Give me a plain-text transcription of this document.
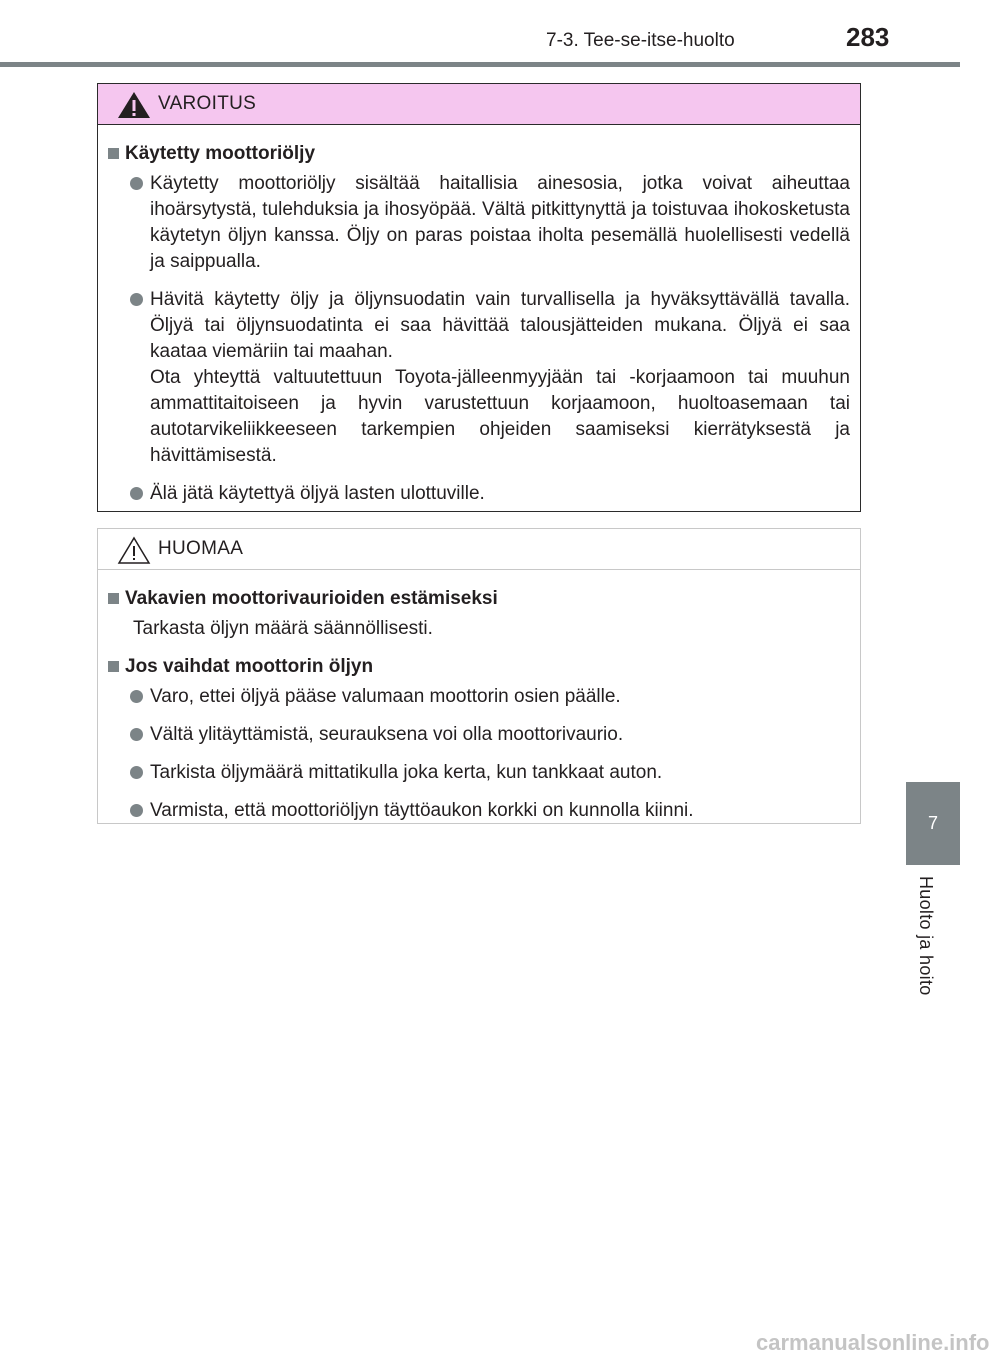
7-3. Tee-se-itse-huolto	283
VAROITUS
Käytetty moottoriöljy
Käytetty moottoriöljy sisältää haitallisia ainesosia, jotka voivat aiheuttaa ihoärsytystä, tulehduksia ja ihosyöpää. Vältä pitkittynyttä ja toistuvaa ihokosketusta käytetyn öljyn kanssa. Öljy on paras poistaa iholta pesemällä huolellisesti vedellä ja saippualla.

Hävitä käytetty öljy ja öljynsuodatin vain turvallisella ja hyväksyttävällä tavalla. Öljyä tai öljynsuodatinta ei saa hävittää talousjätteiden mukana. Öljyä ei saa kaataa viemäriin tai maahan.

Ota yhteyttä valtuutettuun Toyota-jälleenmyyjään tai -korjaamoon tai muuhun ammattitaitoiseen ja hyvin varustettuun korjaamoon, huoltoasemaan tai autotarvikeliikkeeseen tarkempien ohjeiden saamiseksi kierrätyksestä ja hävittämisestä.

Älä jätä käytettyä öljyä lasten ulottuville.
HUOMAA
Vakavien moottorivaurioiden estämiseksi
Tarkasta öljyn määrä säännöllisesti.
Jos vaihdat moottorin öljyn
Varo, ettei öljyä pääse valumaan moottorin osien päälle.
Vältä ylitäyttämistä, seurauksena voi olla moottorivaurio.
Tarkista öljymäärä mittatikulla joka kerta, kun tankkaat auton.
Varmista, että moottoriöljyn täyttöaukon korkki on kunnolla kiinni.
7
Huolto ja hoito
carmanualsonline.info
